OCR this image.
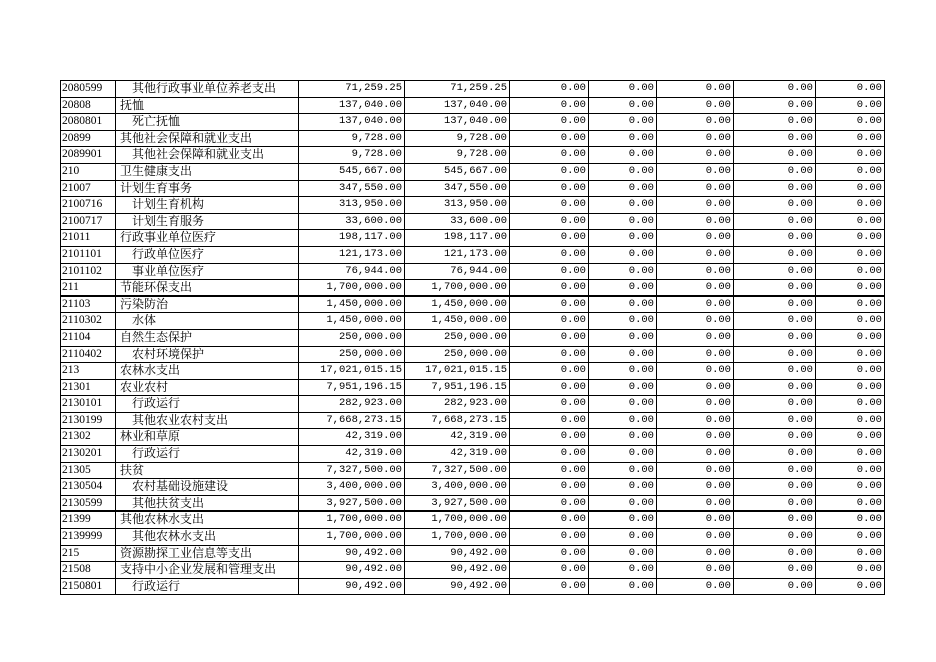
2080599	其他行政事业单位养老支出	71,259.25	71,259.25	0.00	0.00	0.00	0.00	0.00
20808	抚恤	137,040.00	137,040.00	0.00	0.00	0.00	0.00	0.00
2080801	死亡抚恤	137,040.00	137,040.00	0.00	0.00	0.00	0.00	0.00
20899	其他社会保障和就业支出	9,728.00	9,728.00	0.00	0.00	0.00	0.00	0.00
2089901	其他社会保障和就业支出	9,728.00	9,728.00	0.00	0.00	0.00	0.00	0.00
210	卫生健康支出	545,667.00	545,667.00	0.00	0.00	0.00	0.00	0.00
21007	计划生育事务	347,550.00	347,550.00	0.00	0.00	0.00	0.00	0.00
2100716	计划生育机构	313,950.00	313,950.00	0.00	0.00	0.00	0.00	0.00
2100717	计划生育服务	33,600.00	33,600.00	0.00	0.00	0.00	0.00	0.00
21011	行政事业单位医疗	198,117.00	198,117.00	0.00	0.00	0.00	0.00	0.00
2101101	行政单位医疗	121,173.00	121,173.00	0.00	0.00	0.00	0.00	0.00
2101102	事业单位医疗	76,944.00	76,944.00	0.00	0.00	0.00	0.00	0.00
211	节能环保支出	1,700,000.00	1,700,000.00	0.00	0.00	0.00	0.00	0.00
21103	污染防治	1,450,000.00	1,450,000.00	0.00	0.00	0.00	0.00	0.00
2110302	水体	1,450,000.00	1,450,000.00	0.00	0.00	0.00	0.00	0.00
21104	自然生态保护	250,000.00	250,000.00	0.00	0.00	0.00	0.00	0.00
2110402	农村环境保护	250,000.00	250,000.00	0.00	0.00	0.00	0.00	0.00
213	农林水支出	17,021,015.15	17,021,015.15	0.00	0.00	0.00	0.00	0.00
21301	农业农村	7,951,196.15	7,951,196.15	0.00	0.00	0.00	0.00	0.00
2130101	行政运行	282,923.00	282,923.00	0.00	0.00	0.00	0.00	0.00
2130199	其他农业农村支出	7,668,273.15	7,668,273.15	0.00	0.00	0.00	0.00	0.00
21302	林业和草原	42,319.00	42,319.00	0.00	0.00	0.00	0.00	0.00
2130201	行政运行	42,319.00	42,319.00	0.00	0.00	0.00	0.00	0.00
21305	扶贫	7,327,500.00	7,327,500.00	0.00	0.00	0.00	0.00	0.00
2130504	农村基础设施建设	3,400,000.00	3,400,000.00	0.00	0.00	0.00	0.00	0.00
2130599	其他扶贫支出	3,927,500.00	3,927,500.00	0.00	0.00	0.00	0.00	0.00
21399	其他农林水支出	1,700,000.00	1,700,000.00	0.00	0.00	0.00	0.00	0.00
2139999	其他农林水支出	1,700,000.00	1,700,000.00	0.00	0.00	0.00	0.00	0.00
215	资源勘探工业信息等支出	90,492.00	90,492.00	0.00	0.00	0.00	0.00	0.00
21508	支持中小企业发展和管理支出	90,492.00	90,492.00	0.00	0.00	0.00	0.00	0.00
2150801	行政运行	90,492.00	90,492.00	0.00	0.00	0.00	0.00	0.00
